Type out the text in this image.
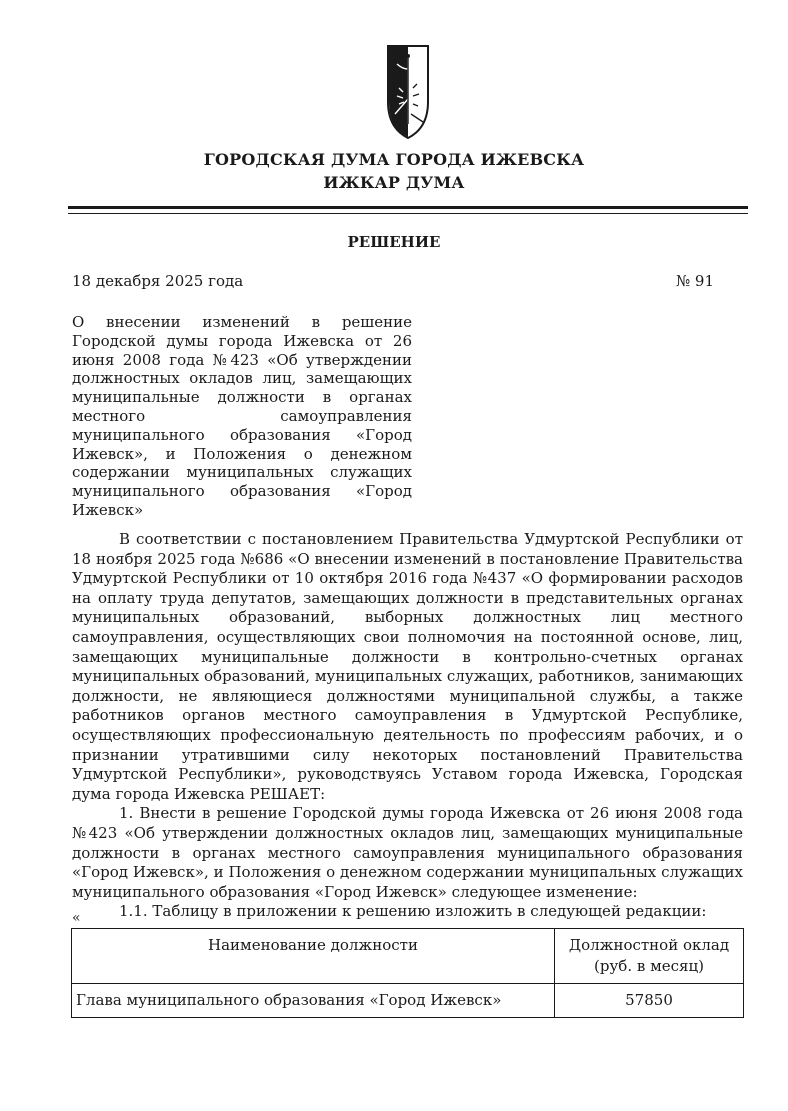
ГОРОДСКАЯ ДУМА ГОРОДА ИЖЕВСКА
ИЖКАР ДУМА
РЕШЕНИЕ
18 декабря 2025 года	№ 91
О внесении изменений в решение Городской думы города Ижевска от 26 июня 2008 года №423 «Об утверждении должностных окладов лиц, замещающих муниципальные должности в органах местного самоуправления муниципального образования «Город Ижевск», и Положения о денежном содержании муниципальных служащих муниципального образования «Город Ижевск»

В соответствии с постановлением Правительства Удмуртской Республики от 18 ноября 2025 года №686 «О внесении изменений в постановление Правительства Удмуртской Республики от 10 октября 2016 года №437 «О формировании расходов на оплату труда депутатов, замещающих должности в представительных органах муниципальных образований, выборных должностных лиц местного самоуправления, осуществляющих свои полномочия на постоянной основе, лиц, замещающих муниципальные должности в контрольно-счетных органах муниципальных образований, муниципальных служащих, работников, занимающих должности, не являющиеся должностями муниципальной службы, а также работников органов местного самоуправления в Удмуртской Республике, осуществляющих профессиональную деятельность по профессиям рабочих, и о признании утратившими силу некоторых постановлений Правительства Удмуртской Республики», руководствуясь Уставом города Ижевска, Городская дума города Ижевска РЕШАЕТ:

1. Внести в решение Городской думы города Ижевска от 26 июня 2008 года №423 «Об утверждении должностных окладов лиц, замещающих муниципальные должности в органах местного самоуправления муниципального образования «Город Ижевск», и Положения о денежном содержании муниципальных служащих муниципального образования «Город Ижевск» следующее изменение:

1.1. Таблицу в приложении к решению изложить в следующей редакции:

«
Наименование должности	Должностной оклад (руб. в месяц)
Глава муниципального образования «Город Ижевск»	57850
